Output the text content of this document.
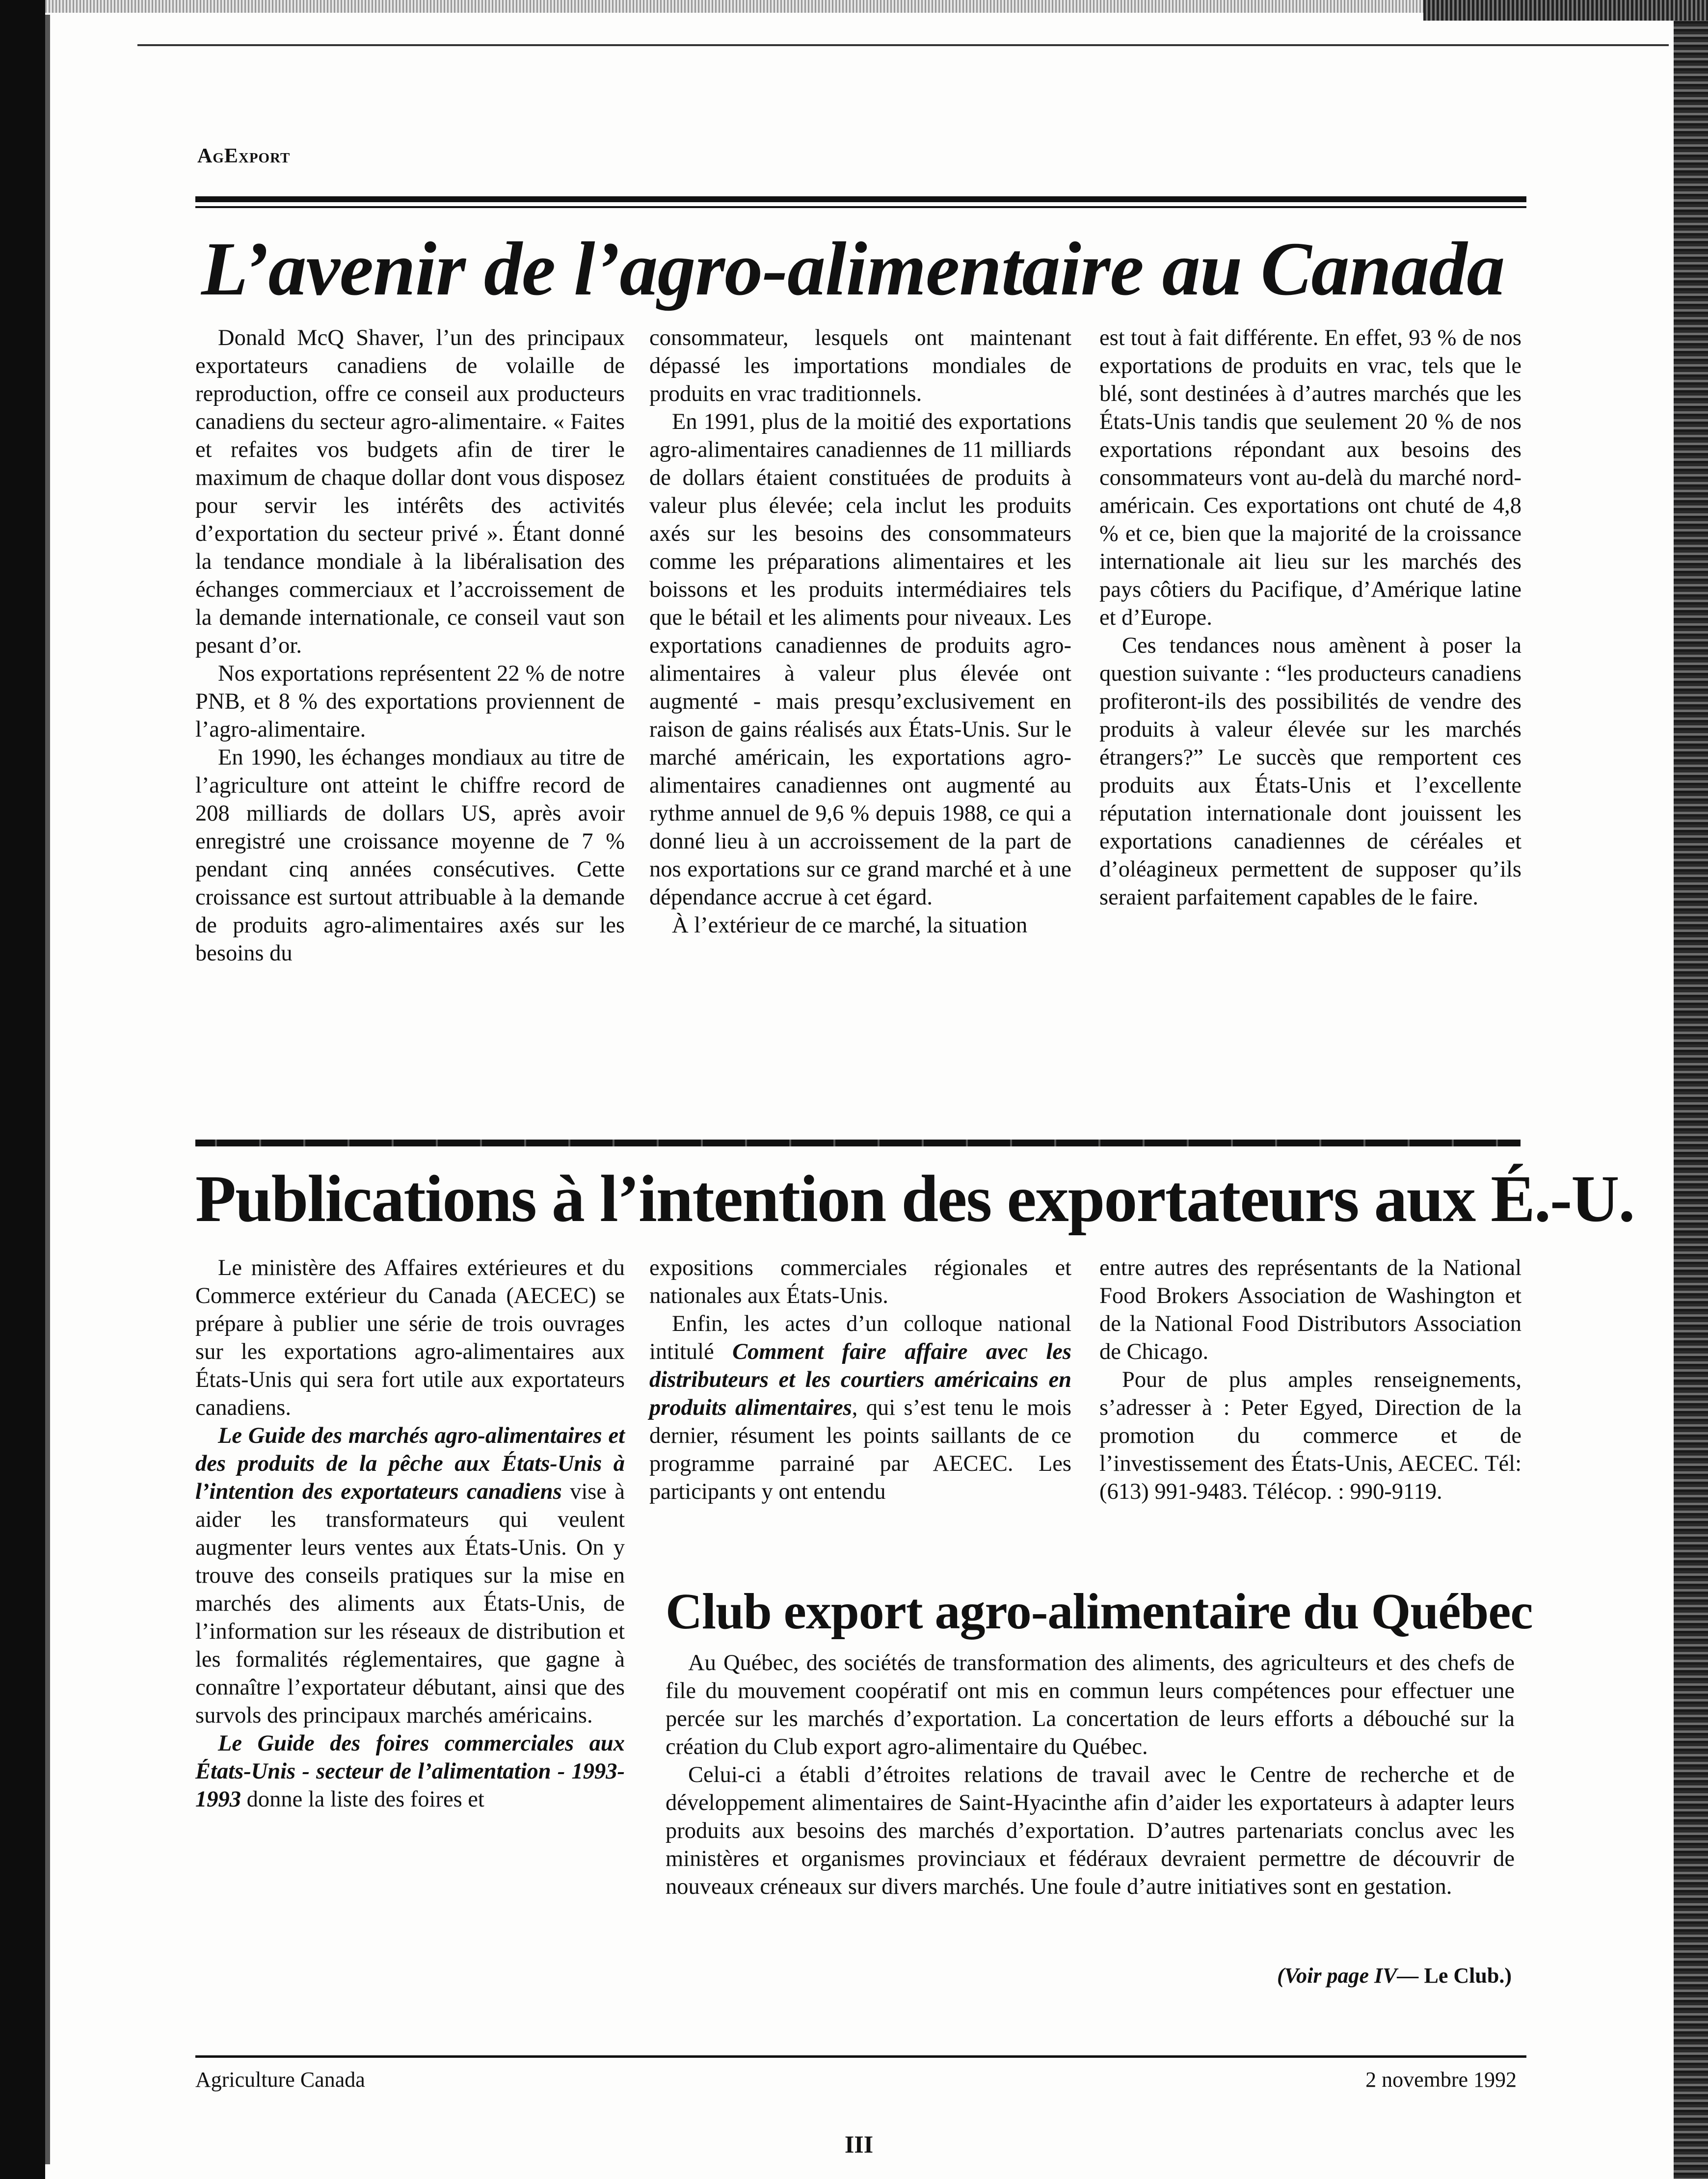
AgExport
L’avenir de l’agro-alimentaire au Canada

Donald McQ Shaver, l’un des principaux exportateurs canadiens de volaille de reproduction, offre ce conseil aux producteurs canadiens du secteur agro-alimentaire. « Faites et refaites vos budgets afin de tirer le maximum de chaque dollar dont vous disposez pour servir les intérêts des activités d’exportation du secteur privé ». Étant donné la tendance mondiale à la libéralisation des échanges commerciaux et l’accroissement de la demande internationale, ce conseil vaut son pesant d’or.

Nos exportations représentent 22 % de notre PNB, et 8 % des exportations proviennent de l’agro-alimentaire.

En 1990, les échanges mondiaux au titre de l’agriculture ont atteint le chiffre record de 208 milliards de dollars US, après avoir enregistré une croissance moyenne de 7 % pendant cinq années consécutives. Cette croissance est surtout attribuable à la demande de produits agro-alimentaires axés sur les besoins du

consommateur, lesquels ont maintenant dépassé les importations mondiales de produits en vrac traditionnels.

En 1991, plus de la moitié des exportations agro-alimentaires canadiennes de 11 milliards de dollars étaient constituées de produits à valeur plus élevée; cela inclut les produits axés sur les besoins des consommateurs comme les préparations alimentaires et les boissons et les produits intermédiaires tels que le bétail et les aliments pour niveaux. Les exportations canadiennes de produits agro-alimentaires à valeur plus élevée ont augmenté - mais presqu’exclusivement en raison de gains réalisés aux États-Unis. Sur le marché américain, les exportations agro-alimentaires canadiennes ont augmenté au rythme annuel de 9,6 % depuis 1988, ce qui a donné lieu à un accroissement de la part de nos exportations sur ce grand marché et à une dépendance accrue à cet égard.

À l’extérieur de ce marché, la situation

est tout à fait différente. En effet, 93 % de nos exportations de produits en vrac, tels que le blé, sont destinées à d’autres marchés que les États-Unis tandis que seulement 20 % de nos exportations répondant aux besoins des consommateurs vont au-delà du marché nord-américain. Ces exportations ont chuté de 4,8 % et ce, bien que la majorité de la croissance internationale ait lieu sur les marchés des pays côtiers du Pacifique, d’Amérique latine et d’Europe.

Ces tendances nous amènent à poser la question suivante : “les producteurs canadiens profiteront-ils des possibilités de vendre des produits à valeur élevée sur les marchés étrangers?” Le succès que remportent ces produits aux États-Unis et l’excellente réputation internationale dont jouissent les exportations canadiennes de céréales et d’oléagineux permettent de supposer qu’ils seraient parfaitement capables de le faire.

Publications à l’intention des exportateurs aux É.-U.

Le ministère des Affaires extérieures et du Commerce extérieur du Canada (AECEC) se prépare à publier une série de trois ouvrages sur les exportations agro-alimentaires aux États-Unis qui sera fort utile aux exportateurs canadiens.

Le Guide des marchés agro-alimentaires et des produits de la pêche aux États-Unis à l’intention des exportateurs canadiens vise à aider les transformateurs qui veulent augmenter leurs ventes aux États-Unis. On y trouve des conseils pratiques sur la mise en marchés des aliments aux États-Unis, de l’information sur les réseaux de distribution et les formalités réglementaires, que gagne à connaître l’exportateur débutant, ainsi que des survols des principaux marchés américains.

Le Guide des foires commerciales aux États-Unis - secteur de l’alimentation - 1993-1993 donne la liste des foires et

expositions commerciales régionales et nationales aux États-Unis.

Enfin, les actes d’un colloque national intitulé Comment faire affaire avec les distributeurs et les courtiers américains en produits alimentaires, qui s’est tenu le mois dernier, résument les points saillants de ce programme parrainé par AECEC. Les participants y ont entendu

entre autres des représentants de la National Food Brokers Association de Washington et de la National Food Distributors Association de Chicago.

Pour de plus amples renseignements, s’adresser à : Peter Egyed, Direction de la promotion du commerce et de l’investissement des États-Unis, AECEC. Tél: (613) 991-9483. Télécop. : 990-9119.

Club export agro-alimentaire du Québec

Au Québec, des sociétés de transformation des aliments, des agriculteurs et des chefs de file du mouvement coopératif ont mis en commun leurs compétences pour effectuer une percée sur les marchés d’exportation. La concertation de leurs efforts a débouché sur la création du Club export agro-alimentaire du Québec.

Celui-ci a établi d’étroites relations de travail avec le Centre de recherche et de développement alimentaires de Saint-Hyacinthe afin d’aider les exportateurs à adapter leurs produits aux besoins des marchés d’exportation. D’autres partenariats conclus avec les ministères et organismes provinciaux et fédéraux devraient permettre de découvrir de nouveaux créneaux sur divers marchés. Une foule d’autre initiatives sont en gestation.

(Voir page IV— Le Club.)
Agriculture Canada	2 novembre 1992
III
